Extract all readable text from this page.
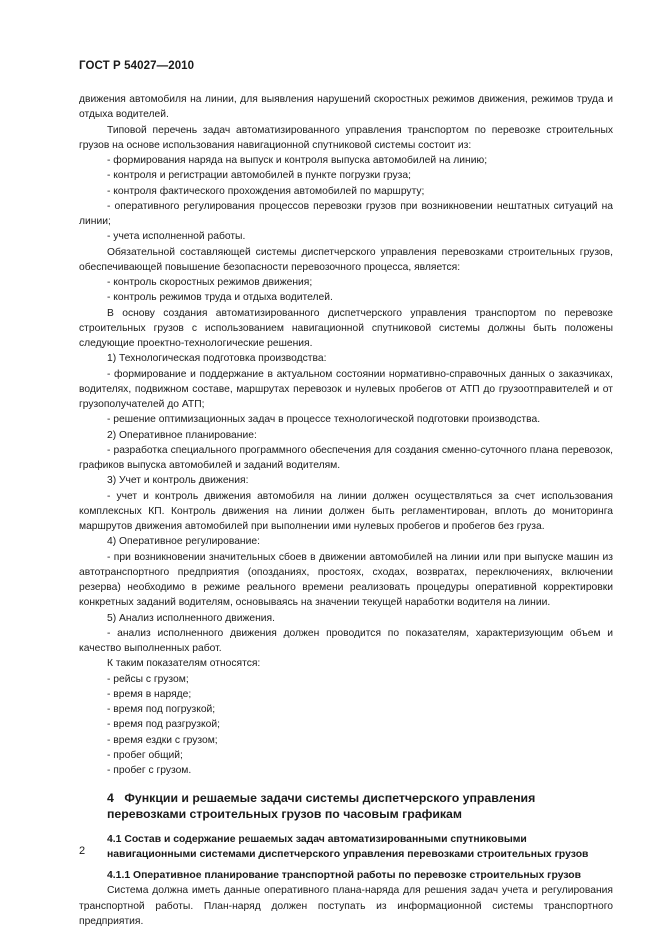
ГОСТ Р 54027—2010

движения автомобиля на линии, для выявления нарушений скоростных режимов движения, режимов труда и отдыха водителей.

Типовой перечень задач автоматизированного управления транспортом по перевозке строительных грузов на основе использования навигационной спутниковой системы состоит из:

- формирования наряда на выпуск и контроля выпуска автомобилей на линию;

- контроля и регистрации автомобилей в пункте погрузки груза;

- контроля фактического прохождения автомобилей по маршруту;

- оперативного регулирования процессов перевозки грузов при возникновении нештатных ситуаций на линии;

- учета исполненной работы.

Обязательной составляющей системы диспетчерского управления перевозками строительных грузов, обеспечивающей повышение безопасности перевозочного процесса, является:

- контроль скоростных режимов движения;

- контроль режимов труда и отдыха водителей.

В основу создания автоматизированного диспетчерского управления транспортом по перевозке строительных грузов с использованием навигационной спутниковой системы должны быть положены следующие проектно-технологические решения.

1) Технологическая подготовка производства:

- формирование и поддержание в актуальном состоянии нормативно-справочных данных о заказчиках, водителях, подвижном составе, маршрутах перевозок и нулевых пробегов от АТП до грузоотправителей и от грузополучателей до АТП;

- решение оптимизационных задач в процессе технологической подготовки производства.

2) Оперативное планирование:

- разработка специального программного обеспечения для создания сменно-суточного плана перевозок, графиков выпуска автомобилей и заданий водителям.

3) Учет и контроль движения:

- учет и контроль движения автомобиля на линии должен осуществляться за счет использования комплексных КП. Контроль движения на линии должен быть регламентирован, вплоть до мониторинга маршрутов движения автомобилей при выполнении ими нулевых пробегов и пробегов без груза.

4) Оперативное регулирование:

- при возникновении значительных сбоев в движении автомобилей на линии или при выпуске машин из автотранспортного предприятия (опозданиях, простоях, сходах, возвратах, переключениях, включении резерва) необходимо в режиме реального времени реализовать процедуры оперативной корректировки конкретных заданий водителям, основываясь на значении текущей наработки водителя на линии.

5) Анализ исполненного движения.

- анализ исполненного движения должен проводится по показателям, характеризующим объем и качество выполненных работ.

К таким показателям относятся:

- рейсы с грузом;

- время в наряде;

- время под погрузкой;

- время под разгрузкой;

- время ездки с грузом;

- пробег общий;

- пробег с грузом.

4 Функции и решаемые задачи системы диспетчерского управления перевозками строительных грузов по часовым графикам

4.1 Состав и содержание решаемых задач автоматизированными спутниковыми навигационными системами диспетчерского управления перевозками строительных грузов

4.1.1 Оперативное планирование транспортной работы по перевозке строительных грузов

Система должна иметь данные оперативного плана-наряда для решения задач учета и регулирования транспортной работы. План-наряд должен поступать из информационной системы транспортного предприятия.

2
